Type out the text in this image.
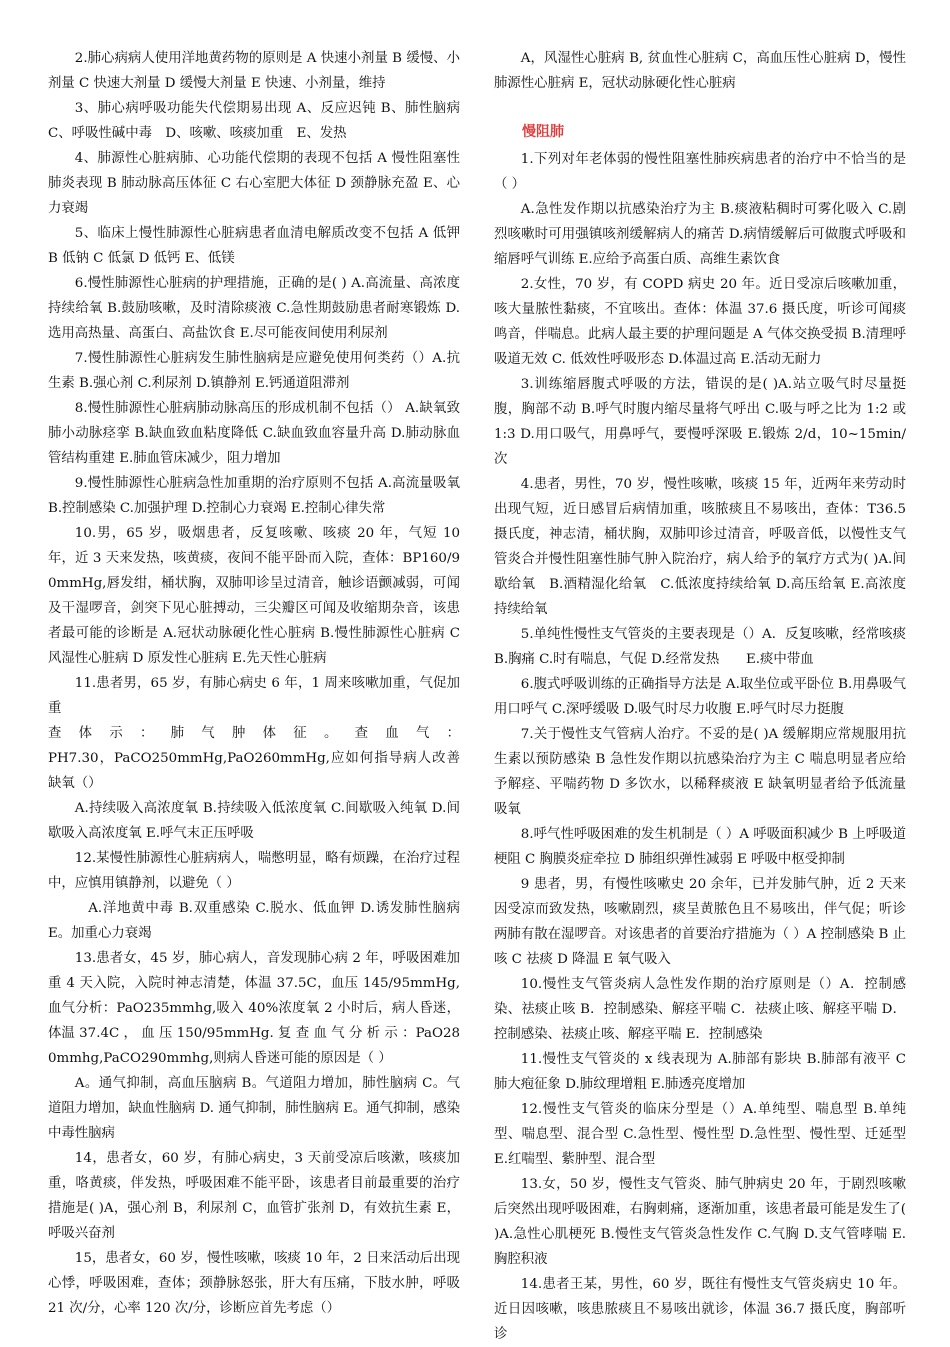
2.肺心病病人使用洋地黄药物的原则是 A 快速小剂量 B 缓慢、小剂量 C 快速大剂量 D 缓慢大剂量 E 快速、小剂量，维持

3、肺心病呼吸功能失代偿期易出现 A、反应迟钝 B、肺性脑病 C、呼吸性碱中毒　D、咳嗽、咳痰加重　E、发热

4、肺源性心脏病肺、心功能代偿期的表现不包括 A 慢性阻塞性肺炎表现 B 肺动脉高压体征 C 右心室肥大体征 D 颈静脉充盈 E、心力衰竭

5、临床上慢性肺源性心脏病患者血清电解质改变不包括 A 低钾 B 低钠 C 低氯 D 低钙 E、低镁

6.慢性肺源性心脏病的护理措施，正确的是( ) A.高流量、高浓度持续给氧 B.鼓励咳嗽，及时清除痰液 C.急性期鼓励患者耐寒锻炼 D.选用高热量、高蛋白、高盐饮食 E.尽可能夜间使用利尿剂

7.慢性肺源性心脏病发生肺性脑病是应避免使用何类药（）A.抗生素 B.强心剂 C.利尿剂 D.镇静剂 E.钙通道阻滞剂

8.慢性肺源性心脏病肺动脉高压的形成机制不包括（） A.缺氧致肺小动脉痉挛 B.缺血致血粘度降低 C.缺血致血容量升高 D.肺动脉血管结构重建 E.肺血管床减少，阻力增加

9.慢性肺源性心脏病急性加重期的治疗原则不包括 A.高流量吸氧 B.控制感染 C.加强护理 D.控制心力衰竭 E.控制心律失常

10.男，65 岁，吸烟患者，反复咳嗽、咳痰 20 年，气短 10 年，近 3 天来发热，咳黄痰，夜间不能平卧而入院，查体：BP160/90mmHg,唇发绀，桶状胸，双肺叩诊呈过清音，触诊语颤减弱，可闻及干湿啰音，剑突下见心脏搏动，三尖瓣区可闻及收缩期杂音，该患者最可能的诊断是 A.冠状动脉硬化性心脏病 B.慢性肺源性心脏病 C 风湿性心脏病 D 原发性心脏病 E.先天性心脏病

11.患者男，65 岁，有肺心病史 6 年，1 周来咳嗽加重，气促加重

查体示：肺气肿体征。查血气：

PH7.30，PaCO250mmHg,PaO260mmHg,应如何指导病人改善缺氧（）

A.持续吸入高浓度氧 B.持续吸入低浓度氧 C.间歇吸入纯氧 D.间歇吸入高浓度氧 E.呼气末正压呼吸

12.某慢性肺源性心脏病病人，喘憋明显，略有烦躁，在治疗过程中，应慎用镇静剂，以避免（ ）

A.洋地黄中毒 B.双重感染 C.脱水、低血钾 D.诱发肺性脑病 E。加重心力衰竭

13.患者女，45 岁，肺心病人，音发现肺心病 2 年，呼吸困难加重 4 天入院，入院时神志清楚，体温 37.5C，血压 145/95mmHg,血气分析：PaO235mmhg,吸入 40%浓度氧 2 小时后，病人昏迷，体温 37.4C ， 血 压 150/95mmHg. 复 查 血 气 分 析 示 ：PaO280mmhg,PaCO290mmhg,则病人昏迷可能的原因是（ ）

A。通气抑制，高血压脑病 B。气道阻力增加，肺性脑病 C。气道阻力增加，缺血性脑病 D. 通气抑制，肺性脑病 E。通气抑制，感染中毒性脑病

14，患者女，60 岁，有肺心病史，3 天前受凉后咳漱，咳痰加重，咯黄痰，伴发热，呼吸困难不能平卧，该患者目前最重要的治疗措施是( )A，强心剂 B，利尿剂 C，血管扩张剂 D，有效抗生素 E，呼吸兴奋剂

15，患者女，60 岁，慢性咳嗽，咳痰 10 年，2 日来活动后出现心悸，呼吸困难，查体；颈静脉怒张，肝大有压痛，下肢水肿，呼吸 21 次/分，心率 120 次/分，诊断应首先考虑（）

A，风湿性心脏病 B, 贫血性心脏病 C，高血压性心脏病 D，慢性肺源性心脏病 E，冠状动脉硬化性心脏病

慢阻肺

1.下列对年老体弱的慢性阻塞性肺疾病患者的治疗中不恰当的是（ ）

A.急性发作期以抗感染治疗为主 B.痰液粘稠时可雾化吸入 C.剧烈咳嗽时可用强镇咳剂缓解病人的痛苦 D.病情缓解后可做腹式呼吸和缩唇呼气训练 E.应给予高蛋白质、高维生素饮食

2.女性，70 岁，有 COPD 病史 20 年。近日受凉后咳嗽加重，咳大量脓性黏痰，不宜咳出。查体：体温 37.6 摄氏度，听诊可闻痰鸣音，伴喘息。此病人最主要的护理问题是 A 气体交换受损 B.清理呼吸道无效 C. 低效性呼吸形态 D.体温过高 E.活动无耐力

3.训练缩唇腹式呼吸的方法，错误的是( )A.站立吸气时尽量挺腹，胸部不动 B.呼气时腹内缩尽量将气呼出 C.吸与呼之比为 1:2 或 1:3 D.用口吸气，用鼻呼气，要慢呼深吸 E.锻炼 2/d，10~15min/次

4.患者，男性，70 岁，慢性咳嗽，咳痰 15 年，近两年来劳动时出现气短，近日感冒后病情加重，咳脓痰且不易咳出，查体：T36.5 摄氏度，神志清，桶状胸，双肺叩诊过清音，呼吸音低，以慢性支气管炎合并慢性阻塞性肺气肿入院治疗，病人给予的氧疗方式为( )A.间歇给氧　B.酒精湿化给氧　C.低浓度持续给氧 D.高压给氧 E.高浓度持续给氧

5.单纯性慢性支气管炎的主要表现是（）A．反复咳嗽，经常咳痰 B.胸痛 C.时有喘息，气促 D.经常发热　　E.痰中带血

6.腹式呼吸训练的正确指导方法是 A.取坐位或平卧位 B.用鼻吸气用口呼气 C.深呼缓吸 D.吸气时尽力收腹 E.呼气时尽力挺腹

7.关于慢性支气管病人治疗。不妥的是( )A 缓解期应常规服用抗生素以预防感染 B 急性发作期以抗感染治疗为主 C 喘息明显者应给予解痉、平喘药物 D 多饮水，以稀释痰液 E 缺氧明显者给予低流量吸氧

8.呼气性呼吸困难的发生机制是（ ）A 呼吸面积减少 B 上呼吸道梗阻 C 胸膜炎症牵拉 D 肺组织弹性减弱 E 呼吸中枢受抑制

9 患者，男，有慢性咳嗽史 20 余年，已并发肺气肿，近 2 天来因受凉而致发热，咳嗽剧烈，痰呈黄脓色且不易咳出，伴气促；听诊两肺有散在湿啰音。对该患者的首要治疗措施为（ ）A 控制感染 B 止咳 C 祛痰 D 降温 E 氧气吸入

10.慢性支气管炎病人急性发作期的治疗原则是（）A．控制感染、祛痰止咳 B．控制感染、解痉平喘 C．祛痰止咳、解痉平喘 D．控制感染、祛痰止咳、解痉平喘 E．控制感染

11.慢性支气管炎的 x 线表现为 A.肺部有影块 B.肺部有液平 C 肺大疱征象 D.肺纹理增粗 E.肺透亮度增加

12.慢性支气管炎的临床分型是（）A.单纯型、喘息型 B.单纯型、喘息型、混合型 C.急性型、慢性型 D.急性型、慢性型、迁延型 E.红喘型、紫肿型、混合型

13.女，50 岁，慢性支气管炎、肺气肿病史 20 年，于剧烈咳嗽后突然出现呼吸困难，右胸刺痛，逐渐加重，该患者最可能是发生了( )A.急性心肌梗死 B.慢性支气管炎急性发作 C.气胸 D.支气管哮喘 E.胸腔积液

14.患者王某，男性，60 岁，既往有慢性支气管炎病史 10 年。近日因咳嗽，咳患脓痰且不易咳出就诊，体温 36.7 摄氏度，胸部听诊
